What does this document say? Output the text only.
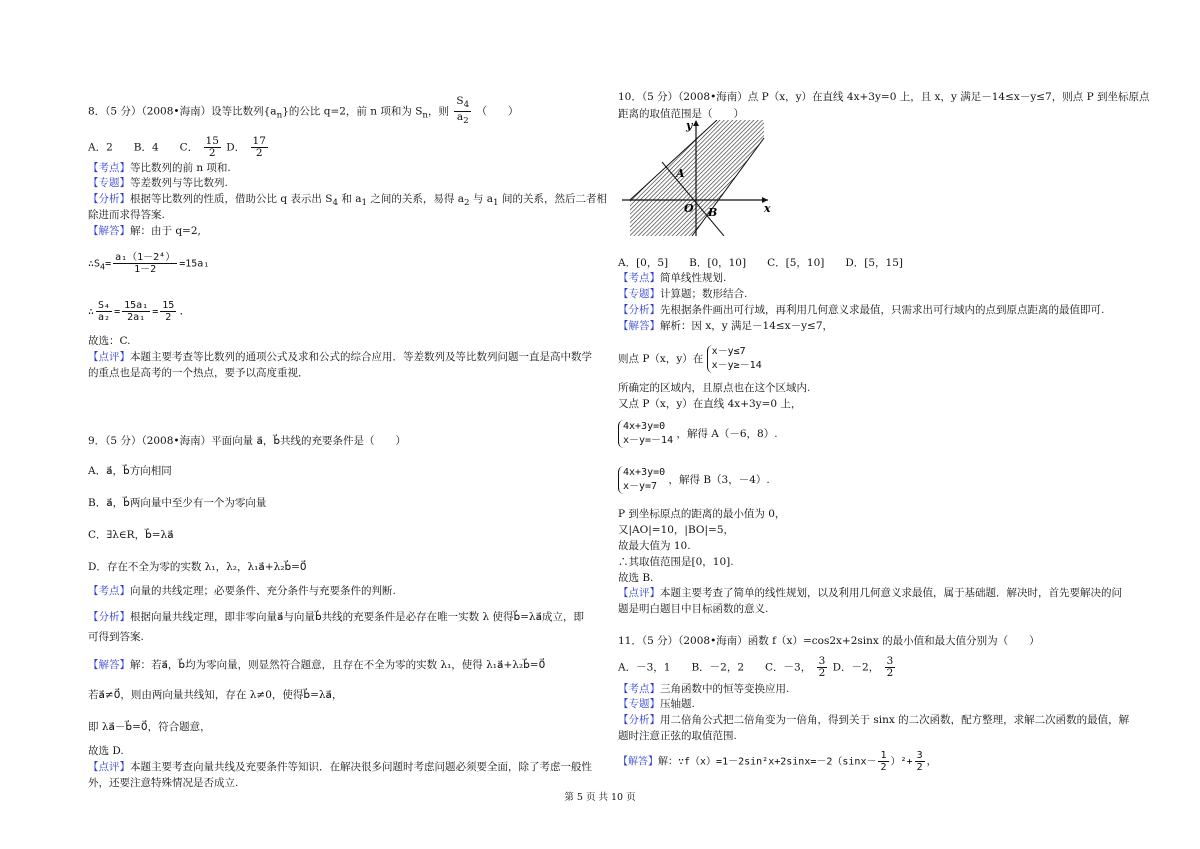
8．（5 分）（2008•海南）设等比数列$\{a_n\}$的公比 q=2，前 n 项和为 $S_n$，则 $\frac{S_4}{a_2}$ （　　）
A．2　　B．4　　C． $\frac{15}{2}$ D． $\frac{17}{2}$
【考点】等比数列的前 n 项和.
【专题】等差数列与等比数列.
【分析】根据等比数列的性质，借助公比 q 表示出 $S_4$ 和 $a_1$ 之间的关系，易得 $a_2$ 与 $a_1$ 间的关系，然后二者相
除进而求得答案.
【解答】解：由于 q=2,
$\therefore S_4= \frac{\text{a₁（1－2⁴）}}{1-2} =15a_1$
∴ $\frac{\text{S₄}}{\text{a₂}} = \frac{\text{15a₁}}{\text{2a₁}} = \frac{15}{2}$ .
故选：C.
【点评】本题主要考查等比数列的通项公式及求和公式的综合应用．等差数列及等比数列问题一直是高中数学
的重点也是高考的一个热点，要予以高度重视．
9．（5 分）（2008•海南）平面向量 a⃗，b⃗共线的充要条件是（　　）
A．a⃗，b⃗方向相同
B．a⃗，b⃗两向量中至少有一个为零向量
C．∃λ∈R，b⃗=λa⃗
D．存在不全为零的实数 λ₁，λ₂，λ₁a⃗+λ₂b⃗=0⃗
【考点】向量的共线定理；必要条件、充分条件与充要条件的判断.
【分析】根据向量共线定理，即非零向量a⃗与向量b⃗共线的充要条件是必存在唯一实数 λ 使得b⃗=λa⃗成立，即
可得到答案.
【解答】解：若a⃗，b⃗均为零向量，则显然符合题意，且存在不全为零的实数 λ₁，使得 λ₁a⃗+λ₂b⃗=0⃗
若a⃗≠0⃗，则由两向量共线知，存在 λ≠0，使得b⃗=λa⃗，
即 λa⃗－b⃗=0⃗，符合题意，
故选 D.
【点评】本题主要考查向量共线及充要条件等知识．在解决很多问题时考虑问题必须要全面，除了考虑一般性
外，还要注意特殊情况是否成立.
10．（5 分）（2008•海南）点 P（x，y）在直线 4x+3y=0 上，且 x，y 满足－14≤x－y≤7，则点 P 到坐标原点
距离的取值范围是（　　）
y
x
A
O B
A．[0，5]　　B．[0，10]　　C．[5，10]　　D．[5，15]
【考点】简单线性规划.
【专题】计算题；数形结合.
【分析】先根据条件画出可行域，再利用几何意义求最值，只需求出可行域内的点到原点距离的最值即可.
【解答】解析：因 x，y 满足－14≤x－y≤7，
则点 P（x，y）在 x－y≤7
x－y≥－14
所确定的区域内，且原点也在这个区域内.
又点 P（x，y）在直线 4x+3y=0 上，
4x+3y=0
x－y=－14 ，解得 A（－6，8）.
4x+3y=0
x－y=7 ，解得 B（3，－4）.
P 到坐标原点的距离的最小值为 0，
又|AO|=10，|BO|=5，
故最大值为 10.
∴其取值范围是[0，10].
故选 B.
【点评】本题主要考查了简单的线性规划，以及利用几何意义求最值，属于基础题．解决时，首先要解决的问
题是明白题目中目标函数的意义.
11．（5 分）（2008•海南）函数 f（x）=cos2x+2sinx 的最小值和最大值分别为（　　）
A．－3，1　　B．－2，2　　C．－3， $\frac{3}{2}$ D．－2， $\frac{3}{2}$
【考点】三角函数中的恒等变换应用.
【专题】压轴题.
【分析】用二倍角公式把二倍角变为一倍角，得到关于 sinx 的二次函数，配方整理，求解二次函数的最值，解
题时注意正弦的取值范围.
【解答】解：∵f（x）=1－2sin²x+2sinx=－2（sinx－ $\frac{1}{2} )^2+ \frac{3}{2}$ ，
第 5 页 共 10 页
